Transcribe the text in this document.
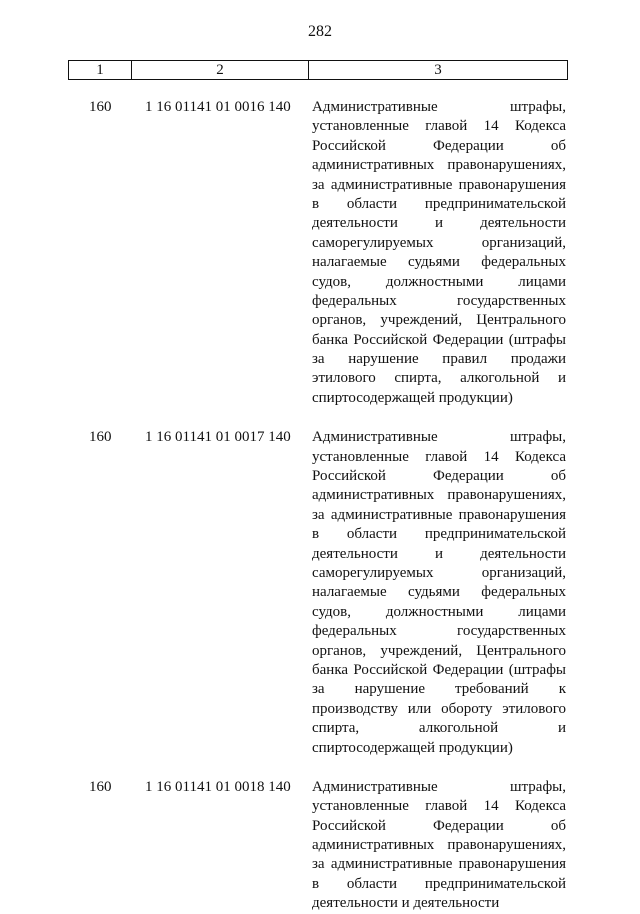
282
1	2	3
160 1 16 01141 01 0016 140 Административные штрафы,
установленные главой 14 Кодекса
Российской Федерации об
административных правонарушениях,
за административные правонарушения
в области предпринимательской
деятельности и деятельности
саморегулируемых организаций,
налагаемые судьями федеральных
судов, должностными лицами
федеральных государственных
органов, учреждений, Центрального
банка Российской Федерации (штрафы
за нарушение правил продажи
этилового спирта, алкогольной и
спиртосодержащей продукции)
160 1 16 01141 01 0017 140 Административные штрафы,
установленные главой 14 Кодекса
Российской Федерации об
административных правонарушениях,
за административные правонарушения
в области предпринимательской
деятельности и деятельности
саморегулируемых организаций,
налагаемые судьями федеральных
судов, должностными лицами
федеральных государственных
органов, учреждений, Центрального
банка Российской Федерации (штрафы
за нарушение требований к
производству или обороту этилового
спирта, алкогольной и
спиртосодержащей продукции)
160 1 16 01141 01 0018 140 Административные штрафы,
установленные главой 14 Кодекса
Российской Федерации об
административных правонарушениях,
за административные правонарушения
в области предпринимательской
деятельности и деятельности
